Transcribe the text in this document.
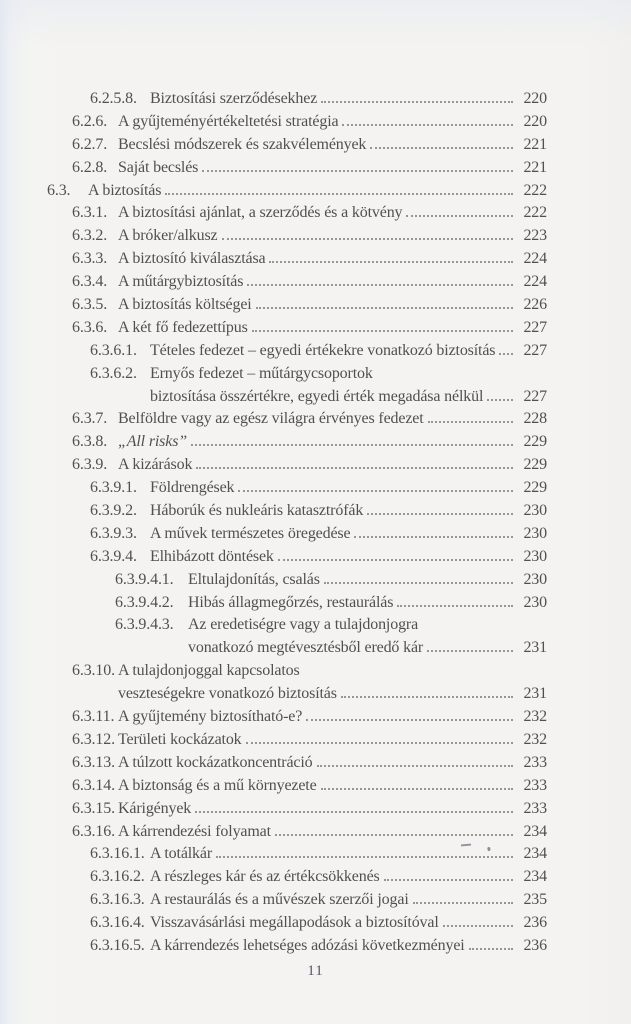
6.2.5.8. Biztosítási szerződésekhez	220
6.2.6. A gyűjteményértékeltetési stratégia	220
6.2.7. Becslési módszerek és szakvélemények	221
6.2.8. Saját becslés	221
6.3.	A biztosítás	222
6.3.1. A biztosítási ajánlat, a szerződés és a kötvény	222
6.3.2. A bróker/alkusz	223
6.3.3. A biztosító kiválasztása	224
6.3.4. A műtárgybiztosítás	224
6.3.5. A biztosítás költségei	226
6.3.6. A két fő fedezettípus	227
6.3.6.1. Tételes fedezet – egyedi értékekre vonatkozó biztosítás	227
6.3.6.2. Ernyős fedezet – műtárgycsoportok
biztosítása összértékre, egyedi érték megadása nélkül	227
6.3.7. Belföldre vagy az egész világra érvényes fedezet	228
6.3.8. „All risks”	229
6.3.9. A kizárások	229
6.3.9.1. Földrengések	229
6.3.9.2. Háborúk és nukleáris katasztrófák	230
6.3.9.3. A művek természetes öregedése	230
6.3.9.4. Elhibázott döntések	230
6.3.9.4.1. Eltulajdonítás, csalás	230
6.3.9.4.2. Hibás állagmegőrzés, restaurálás	230
6.3.9.4.3. Az eredetiségre vagy a tulajdonjogra
vonatkozó megtévesztésből eredő kár	231
6.3.10. A tulajdonjoggal kapcsolatos
veszteségekre vonatkozó biztosítás	231
6.3.11. A gyűjtemény biztosítható-e?	232
6.3.12. Területi kockázatok	232
6.3.13. A túlzott kockázatkoncentráció	233
6.3.14. A biztonság és a mű környezete	233
6.3.15. Kárigények	233
6.3.16. A kárrendezési folyamat	234
6.3.16.1. A totálkár	234
6.3.16.2. A részleges kár és az értékcsökkenés	234
6.3.16.3. A restaurálás és a művészek szerzői jogai	235
6.3.16.4. Visszavásárlási megállapodások a biztosítóval	236
6.3.16.5. A kárrendezés lehetséges adózási következményei	236
11
